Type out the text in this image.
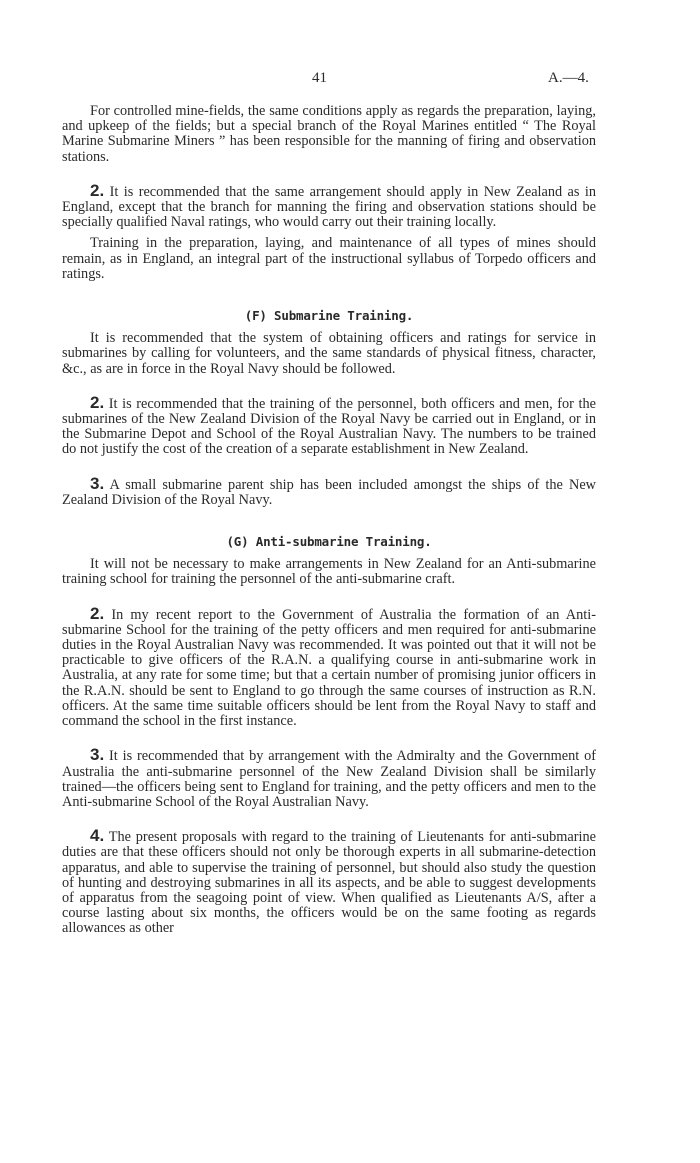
41	A.—4.

For controlled mine-fields, the same conditions apply as regards the preparation, laying, and upkeep of the fields; but a special branch of the Royal Marines entitled “ The Royal Marine Submarine Miners ” has been responsible for the manning of firing and observation stations.

2. It is recommended that the same arrangement should apply in New Zealand as in England, except that the branch for manning the firing and observation stations should be specially qualified Naval ratings, who would carry out their training locally.

Training in the preparation, laying, and maintenance of all types of mines should remain, as in England, an integral part of the instructional syllabus of Torpedo officers and ratings.

(F) Submarine Training.

It is recommended that the system of obtaining officers and ratings for service in submarines by calling for volunteers, and the same standards of physical fitness, character, &c., as are in force in the Royal Navy should be followed.

2. It is recommended that the training of the personnel, both officers and men, for the submarines of the New Zealand Division of the Royal Navy be carried out in England, or in the Submarine Depot and School of the Royal Australian Navy. The numbers to be trained do not justify the cost of the creation of a separate establishment in New Zealand.

3. A small submarine parent ship has been included amongst the ships of the New Zealand Division of the Royal Navy.

(G) Anti-submarine Training.

It will not be necessary to make arrangements in New Zealand for an Anti-submarine training school for training the personnel of the anti-submarine craft.

2. In my recent report to the Government of Australia the formation of an Anti-submarine School for the training of the petty officers and men required for anti-submarine duties in the Royal Australian Navy was recommended. It was pointed out that it will not be practicable to give officers of the R.A.N. a qualifying course in anti-submarine work in Australia, at any rate for some time; but that a certain number of promising junior officers in the R.A.N. should be sent to England to go through the same courses of instruction as R.N. officers. At the same time suitable officers should be lent from the Royal Navy to staff and command the school in the first instance.

3. It is recommended that by arrangement with the Admiralty and the Government of Australia the anti-submarine personnel of the New Zealand Division shall be similarly trained—the officers being sent to England for training, and the petty officers and men to the Anti-submarine School of the Royal Australian Navy.

4. The present proposals with regard to the training of Lieutenants for anti-submarine duties are that these officers should not only be thorough experts in all submarine-detection apparatus, and able to supervise the training of personnel, but should also study the question of hunting and destroying submarines in all its aspects, and be able to suggest developments of apparatus from the seagoing point of view. When qualified as Lieutenants A/S, after a course lasting about six months, the officers would be on the same footing as regards allowances as other
